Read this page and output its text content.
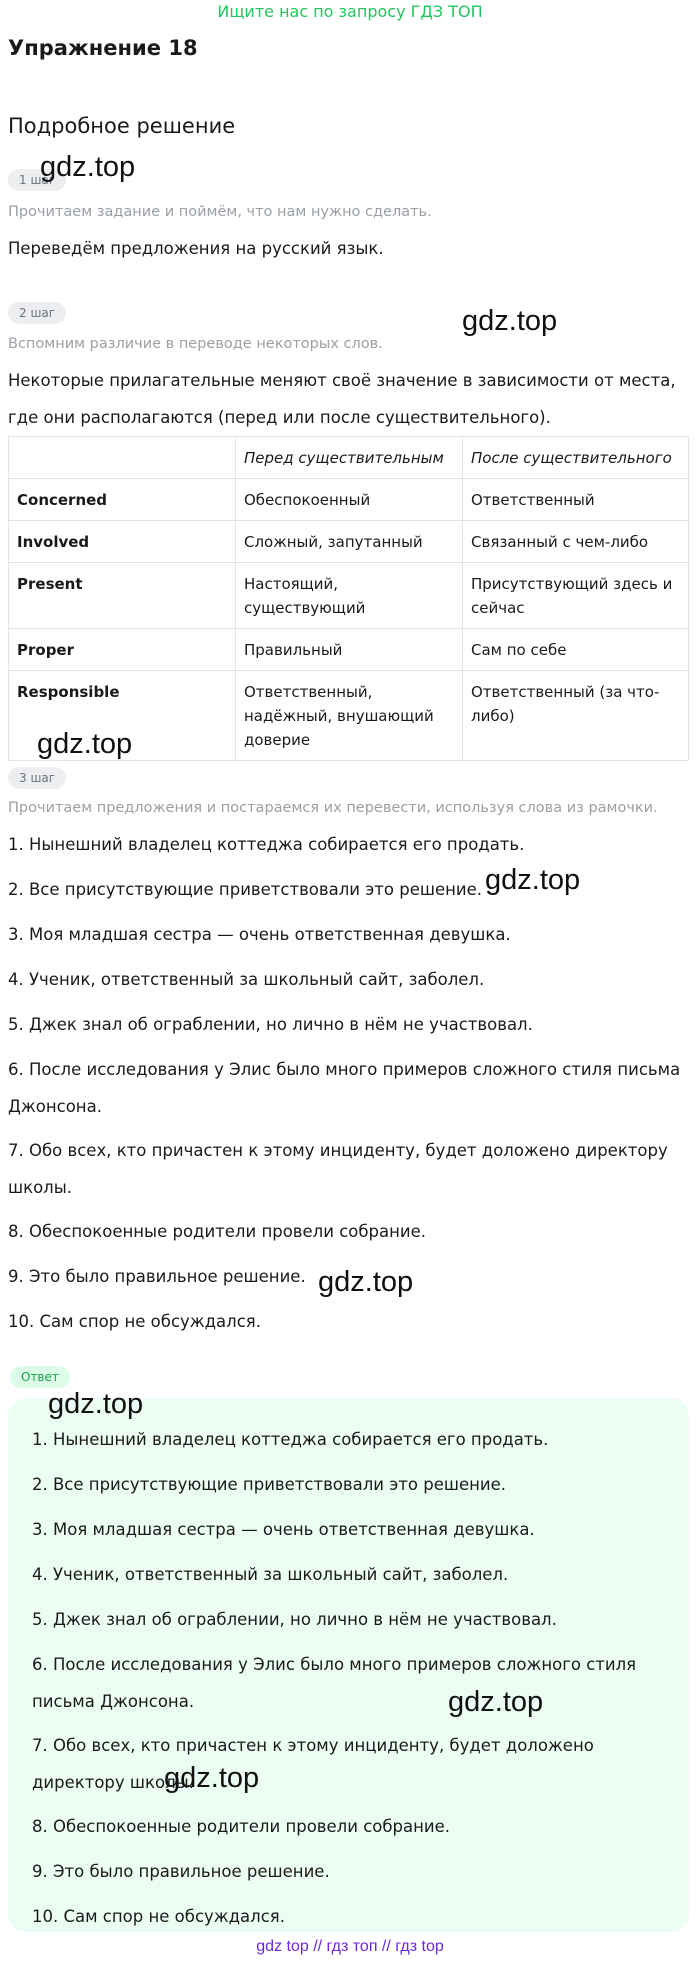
Ищите нас по запросу ГДЗ ТОП
Упражнение 18
Подробное решение
1 шаг
gdz.top
Прочитаем задание и поймём, что нам нужно сделать.
Переведём предложения на русский язык.
2 шаг	gdz.top
Вспомним различие в переводе некоторых слов.
Некоторые прилагательные меняют своё значение в зависимости от места, где они располагаются (перед или после существительного).
	Перед существительным	После существительного
Concerned	Обеспокоенный	Ответственный
Involved	Сложный, запутанный	Связанный с чем-либо
Present	Настоящий, существующий	Присутствующий здесь и сейчас
Proper	Правильный	Сам по себе
Responsible	Ответственный, надёжный, внушающий доверие	Ответственный (за что-либо)
gdz.top
3 шаг
Прочитаем предложения и постараемся их перевести, используя слова из рамочки.
1. Нынешний владелец коттеджа собирается его продать.
2. Все присутствующие приветствовали это решение. gdz.top
3. Моя младшая сестра — очень ответственная девушка.
4. Ученик, ответственный за школьный сайт, заболел.
5. Джек знал об ограблении, но лично в нём не участвовал.
6. После исследования у Элис было много примеров сложного стиля письма Джонсона.
7. Обо всех, кто причастен к этому инциденту, будет доложено директору школы.
8. Обеспокоенные родители провели собрание.
9. Это было правильное решение. gdz.top
10. Сам спор не обсуждался.
Ответ
gdz.top
1. Нынешний владелец коттеджа собирается его продать.
2. Все присутствующие приветствовали это решение.
3. Моя младшая сестра — очень ответственная девушка.
4. Ученик, ответственный за школьный сайт, заболел.
5. Джек знал об ограблении, но лично в нём не участвовал.
6. После исследования у Элис было много примеров сложного стиля письма Джонсона.	gdz.top
7. Обо всех, кто причастен к этому инциденту, будет доложено директору школы.
gdz.top
8. Обеспокоенные родители провели собрание.
9. Это было правильное решение.
10. Сам спор не обсуждался.
gdz top // гдз топ // гдз top
